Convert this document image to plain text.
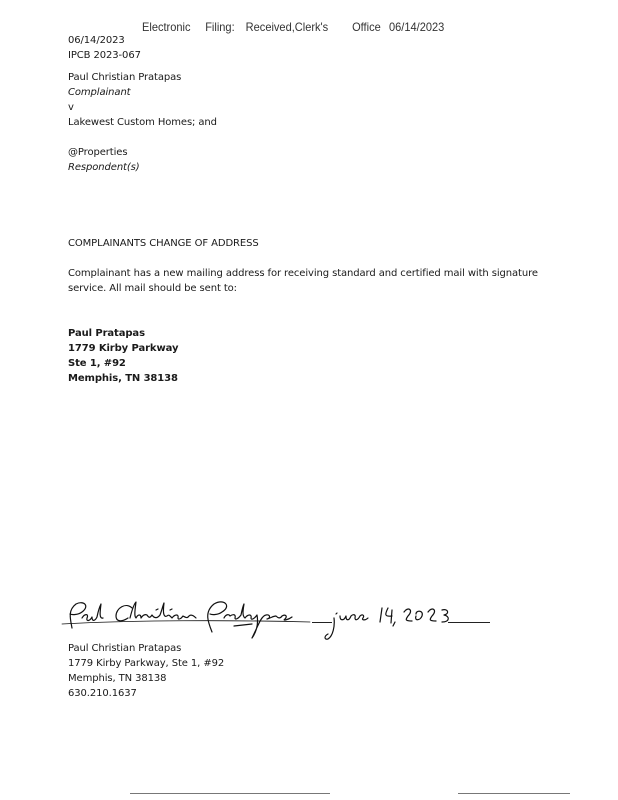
Electronic Filing: Received,Clerk's Office 06/14/2023
06/14/2023
IPCB 2023-067
Paul Christian Pratapas
Complainant
v
Lakewest Custom Homes; and
@Properties
Respondent(s)
COMPLAINANTS CHANGE OF ADDRESS
Complainant has a new mailing address for receiving standard and certified mail with signature
service. All mail should be sent to:
Paul Pratapas
1779 Kirby Parkway
Ste 1, #92
Memphis, TN 38138
Paul Christian Pratapas
1779 Kirby Parkway, Ste 1, #92
Memphis, TN 38138
630.210.1637
